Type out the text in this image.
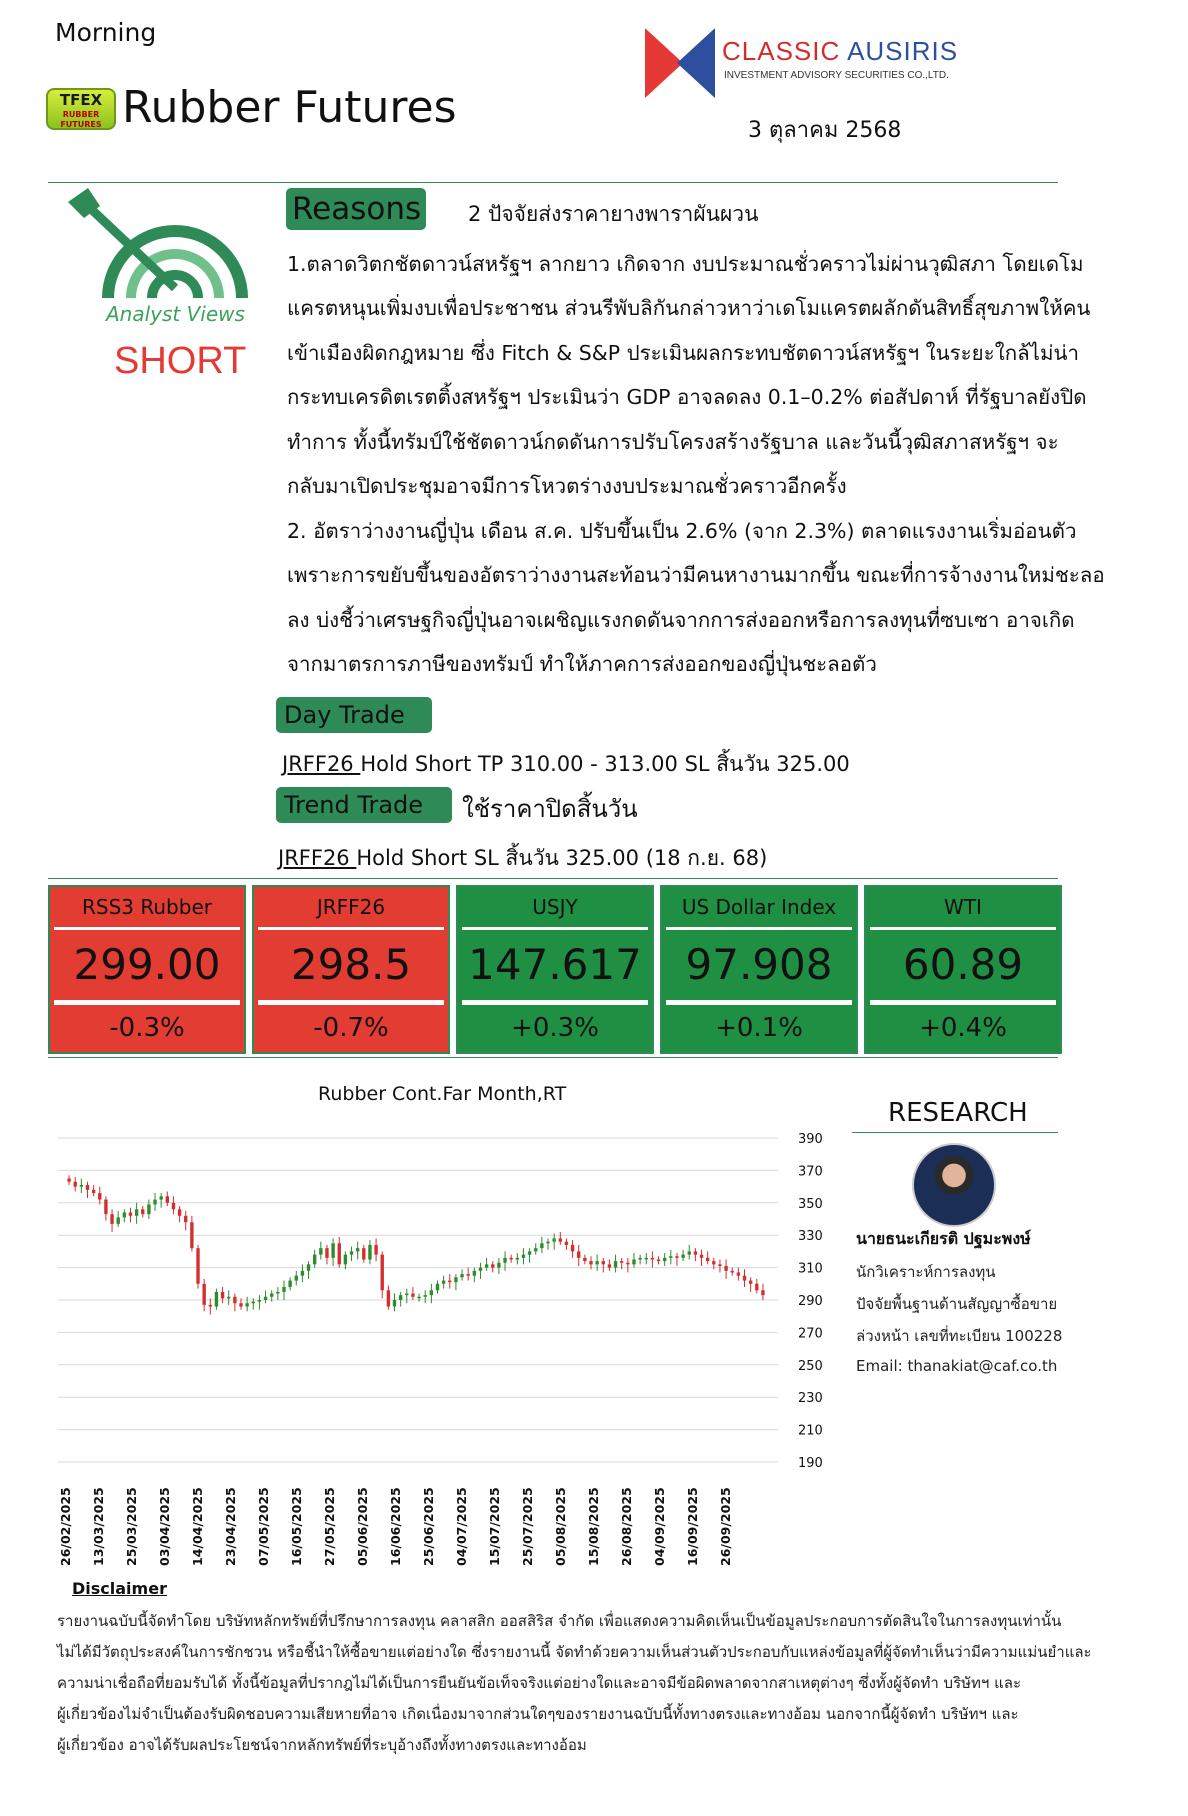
Morning
TFEX
RUBBER FUTURES Rubber Futures
CLASSIC AUSIRIS
INVESTMENT ADVISORY SECURITIES CO.,LTD.
3 ตุลาคม 2568
Analyst Views
SHORT
Reasons 2 ปัจจัยส่งราคายางพาราผันผวน
1.ตลาดวิตกชัตดาวน์สหรัฐฯ ลากยาว เกิดจาก งบประมาณชั่วคราวไม่ผ่านวุฒิสภา โดยเดโม
แครตหนุนเพิ่มงบเพื่อประชาชน ส่วนรีพับลิกันกล่าวหาว่าเดโมแครตผลักดันสิทธิ์สุขภาพให้คน
เข้าเมืองผิดกฎหมาย ซึ่ง Fitch & S&P ประเมินผลกระทบชัตดาวน์สหรัฐฯ ในระยะใกล้ไม่น่า
กระทบเครดิตเรตติ้งสหรัฐฯ ประเมินว่า GDP อาจลดลง 0.1–0.2% ต่อสัปดาห์ ที่รัฐบาลยังปิด
ทำการ ทั้งนี้ทรัมป์ใช้ชัตดาวน์กดดันการปรับโครงสร้างรัฐบาล และวันนี้วุฒิสภาสหรัฐฯ จะ
กลับมาเปิดประชุมอาจมีการโหวตร่างงบประมาณชั่วคราวอีกครั้ง
2. อัตราว่างงานญี่ปุ่น เดือน ส.ค. ปรับขึ้นเป็น 2.6% (จาก 2.3%) ตลาดแรงงานเริ่มอ่อนตัว
เพราะการขยับขึ้นของอัตราว่างงานสะท้อนว่ามีคนหางานมากขึ้น ขณะที่การจ้างงานใหม่ชะลอ
ลง บ่งชี้ว่าเศรษฐกิจญี่ปุ่นอาจเผชิญแรงกดดันจากการส่งออกหรือการลงทุนที่ซบเซา อาจเกิด
จากมาตรการภาษีของทรัมป์ ทำให้ภาคการส่งออกของญี่ปุ่นชะลอตัว
Day Trade
JRFF26 Hold Short TP 310.00 - 313.00 SL สิ้นวัน 325.00
Trend Trade	ใช้ราคาปิดสิ้นวัน
JRFF26 Hold Short SL สิ้นวัน 325.00 (18 ก.ย. 68)
RSS3 Rubber
299.00
-0.3%
JRFF26
298.5
-0.7%
USJY
147.617
+0.3%
US Dollar Index
97.908
+0.1%
WTI
60.89
+0.4%
Rubber Cont.Far Month,RT
390
370
350
330
310
290
270
250
230
210
190
26/02/2025 13/03/2025 25/03/2025 03/04/2025 14/04/2025 23/04/2025 07/05/2025 16/05/2025 27/05/2025 05/06/2025 16/06/2025 25/06/2025 04/07/2025 15/07/2025 25/07/2025 05/08/2025 15/08/2025 26/08/2025 04/09/2025 16/09/2025 26/09/2025
RESEARCH
นายธนะเกียรติ ปฐมะพงษ์
นักวิเคราะห์การลงทุน
ปัจจัยพื้นฐานด้านสัญญาซื้อขาย
ล่วงหน้า เลขที่ทะเบียน 100228
Email: thanakiat@caf.co.th
Disclaimer
รายงานฉบับนี้จัดทำโดย บริษัทหลักทรัพย์ที่ปรึกษาการลงทุน คลาสสิก ออสสิริส จำกัด เพื่อแสดงความคิดเห็นเป็นข้อมูลประกอบการตัดสินใจในการลงทุนเท่านั้น
ไม่ได้มีวัตถุประสงค์ในการชักชวน หรือชี้นำให้ซื้อขายแต่อย่างใด ซึ่งรายงานนี้ จัดทำด้วยความเห็นส่วนตัวประกอบกับแหล่งข้อมูลที่ผู้จัดทำเห็นว่ามีความแม่นยำและ
ความน่าเชื่อถือที่ยอมรับได้ ทั้งนี้ข้อมูลที่ปรากฎไม่ได้เป็นการยืนยันข้อเท็จจริงแต่อย่างใดและอาจมีข้อผิดพลาดจากสาเหตุต่างๆ ซึ่งทั้งผู้จัดทำ บริษัทฯ และ
ผู้เกี่ยวข้องไม่จำเป็นต้องรับผิดชอบความเสียหายที่อาจ เกิดเนื่องมาจากส่วนใดๆของรายงานฉบับนี้ทั้งทางตรงและทางอ้อม นอกจากนี้ผู้จัดทำ บริษัทฯ และ
ผู้เกี่ยวข้อง อาจได้รับผลประโยชน์จากหลักทรัพย์ที่ระบุอ้างถึงทั้งทางตรงและทางอ้อม
